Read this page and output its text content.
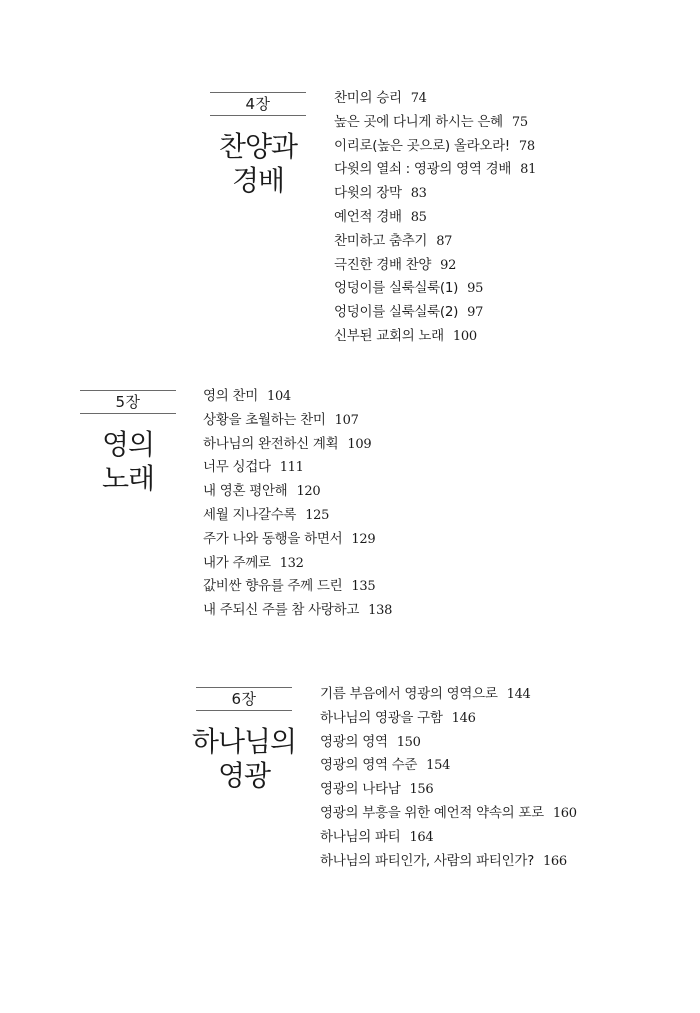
4장
찬양과
경배
찬미의 승리 74
높은 곳에 다니게 하시는 은혜 75
이리로(높은 곳으로) 올라오라! 78
다윗의 열쇠 : 영광의 영역 경배 81
다윗의 장막 83
예언적 경배 85
찬미하고 춤추기 87
극진한 경배 찬양 92
엉덩이를 실룩실룩(1) 95
엉덩이를 실룩실룩(2) 97
신부된 교회의 노래 100
5장
영의
노래
영의 찬미 104
상황을 초월하는 찬미 107
하나님의 완전하신 계획 109
너무 싱겁다 111
내 영혼 평안해 120
세월 지나갈수록 125
주가 나와 동행을 하면서 129
내가 주께로 132
값비싼 향유를 주께 드린 135
내 주되신 주를 참 사랑하고 138
6장
하나님의
영광
기름 부음에서 영광의 영역으로 144
하나님의 영광을 구함 146
영광의 영역 150
영광의 영역 수준 154
영광의 나타남 156
영광의 부흥을 위한 예언적 약속의 포로 160
하나님의 파티 164
하나님의 파티인가, 사람의 파티인가? 166
